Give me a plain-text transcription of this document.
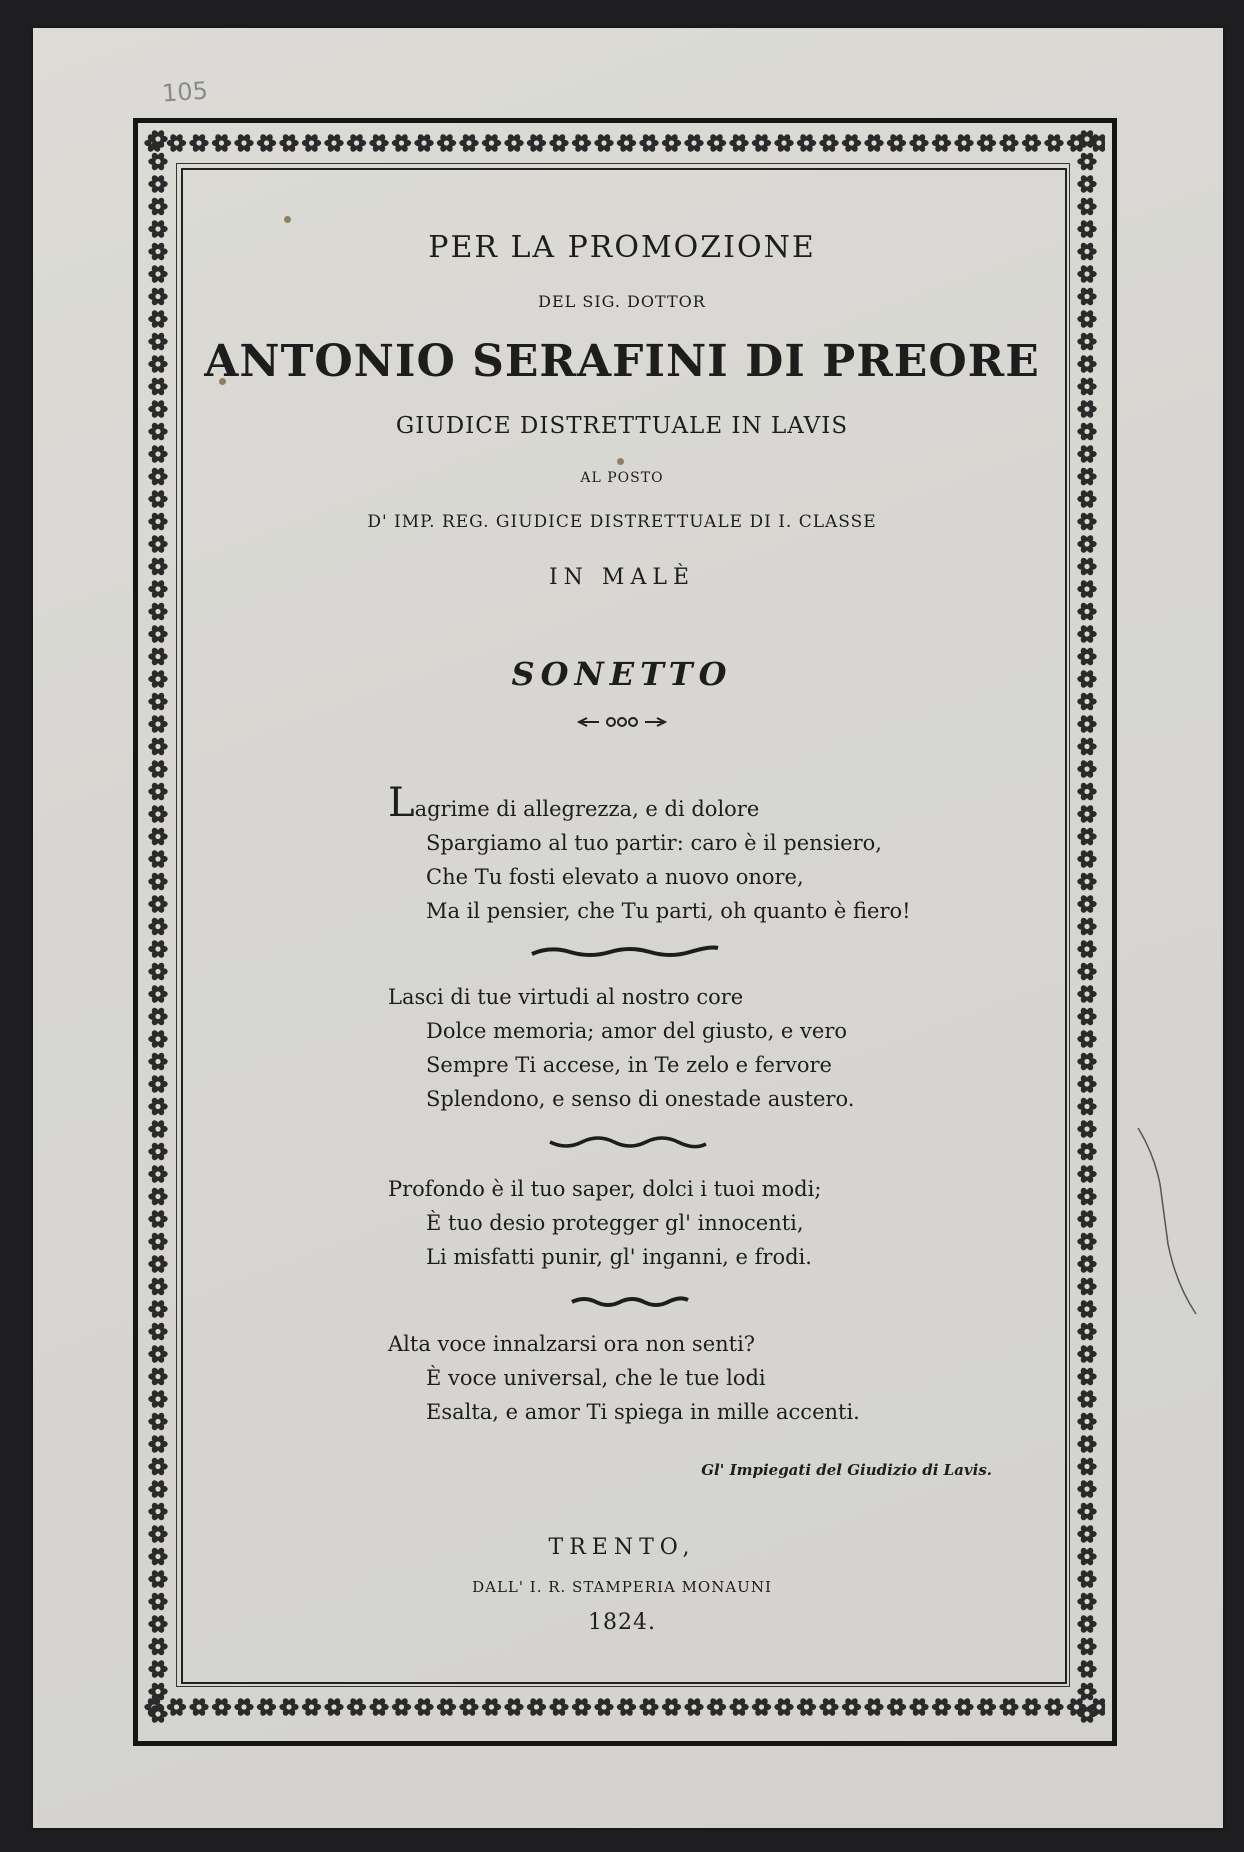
105
PER LA PROMOZIONE
DEL SIG. DOTTOR
ANTONIO SERAFINI DI PREORE
GIUDICE DISTRETTUALE IN LAVIS
AL POSTO
D' IMP. REG. GIUDICE DISTRETTUALE DI I. CLASSE
IN MALÈ
SONETTO
Lagrime di allegrezza, e di dolore
Spargiamo al tuo partir: caro è il pensiero,
Che Tu fosti elevato a nuovo onore,
Ma il pensier, che Tu parti, oh quanto è fiero!
Lasci di tue virtudi al nostro core
Dolce memoria; amor del giusto, e vero
Sempre Ti accese, in Te zelo e fervore
Splendono, e senso di onestade austero.
Profondo è il tuo saper, dolci i tuoi modi;
È tuo desio protegger gl' innocenti,
Li misfatti punir, gl' inganni, e frodi.
Alta voce innalzarsi ora non senti?
È voce universal, che le tue lodi
Esalta, e amor Ti spiega in mille accenti.
Gl' Impiegati del Giudizio di Lavis.
TRENTO,
DALL' I. R. STAMPERIA MONAUNI
1824.
